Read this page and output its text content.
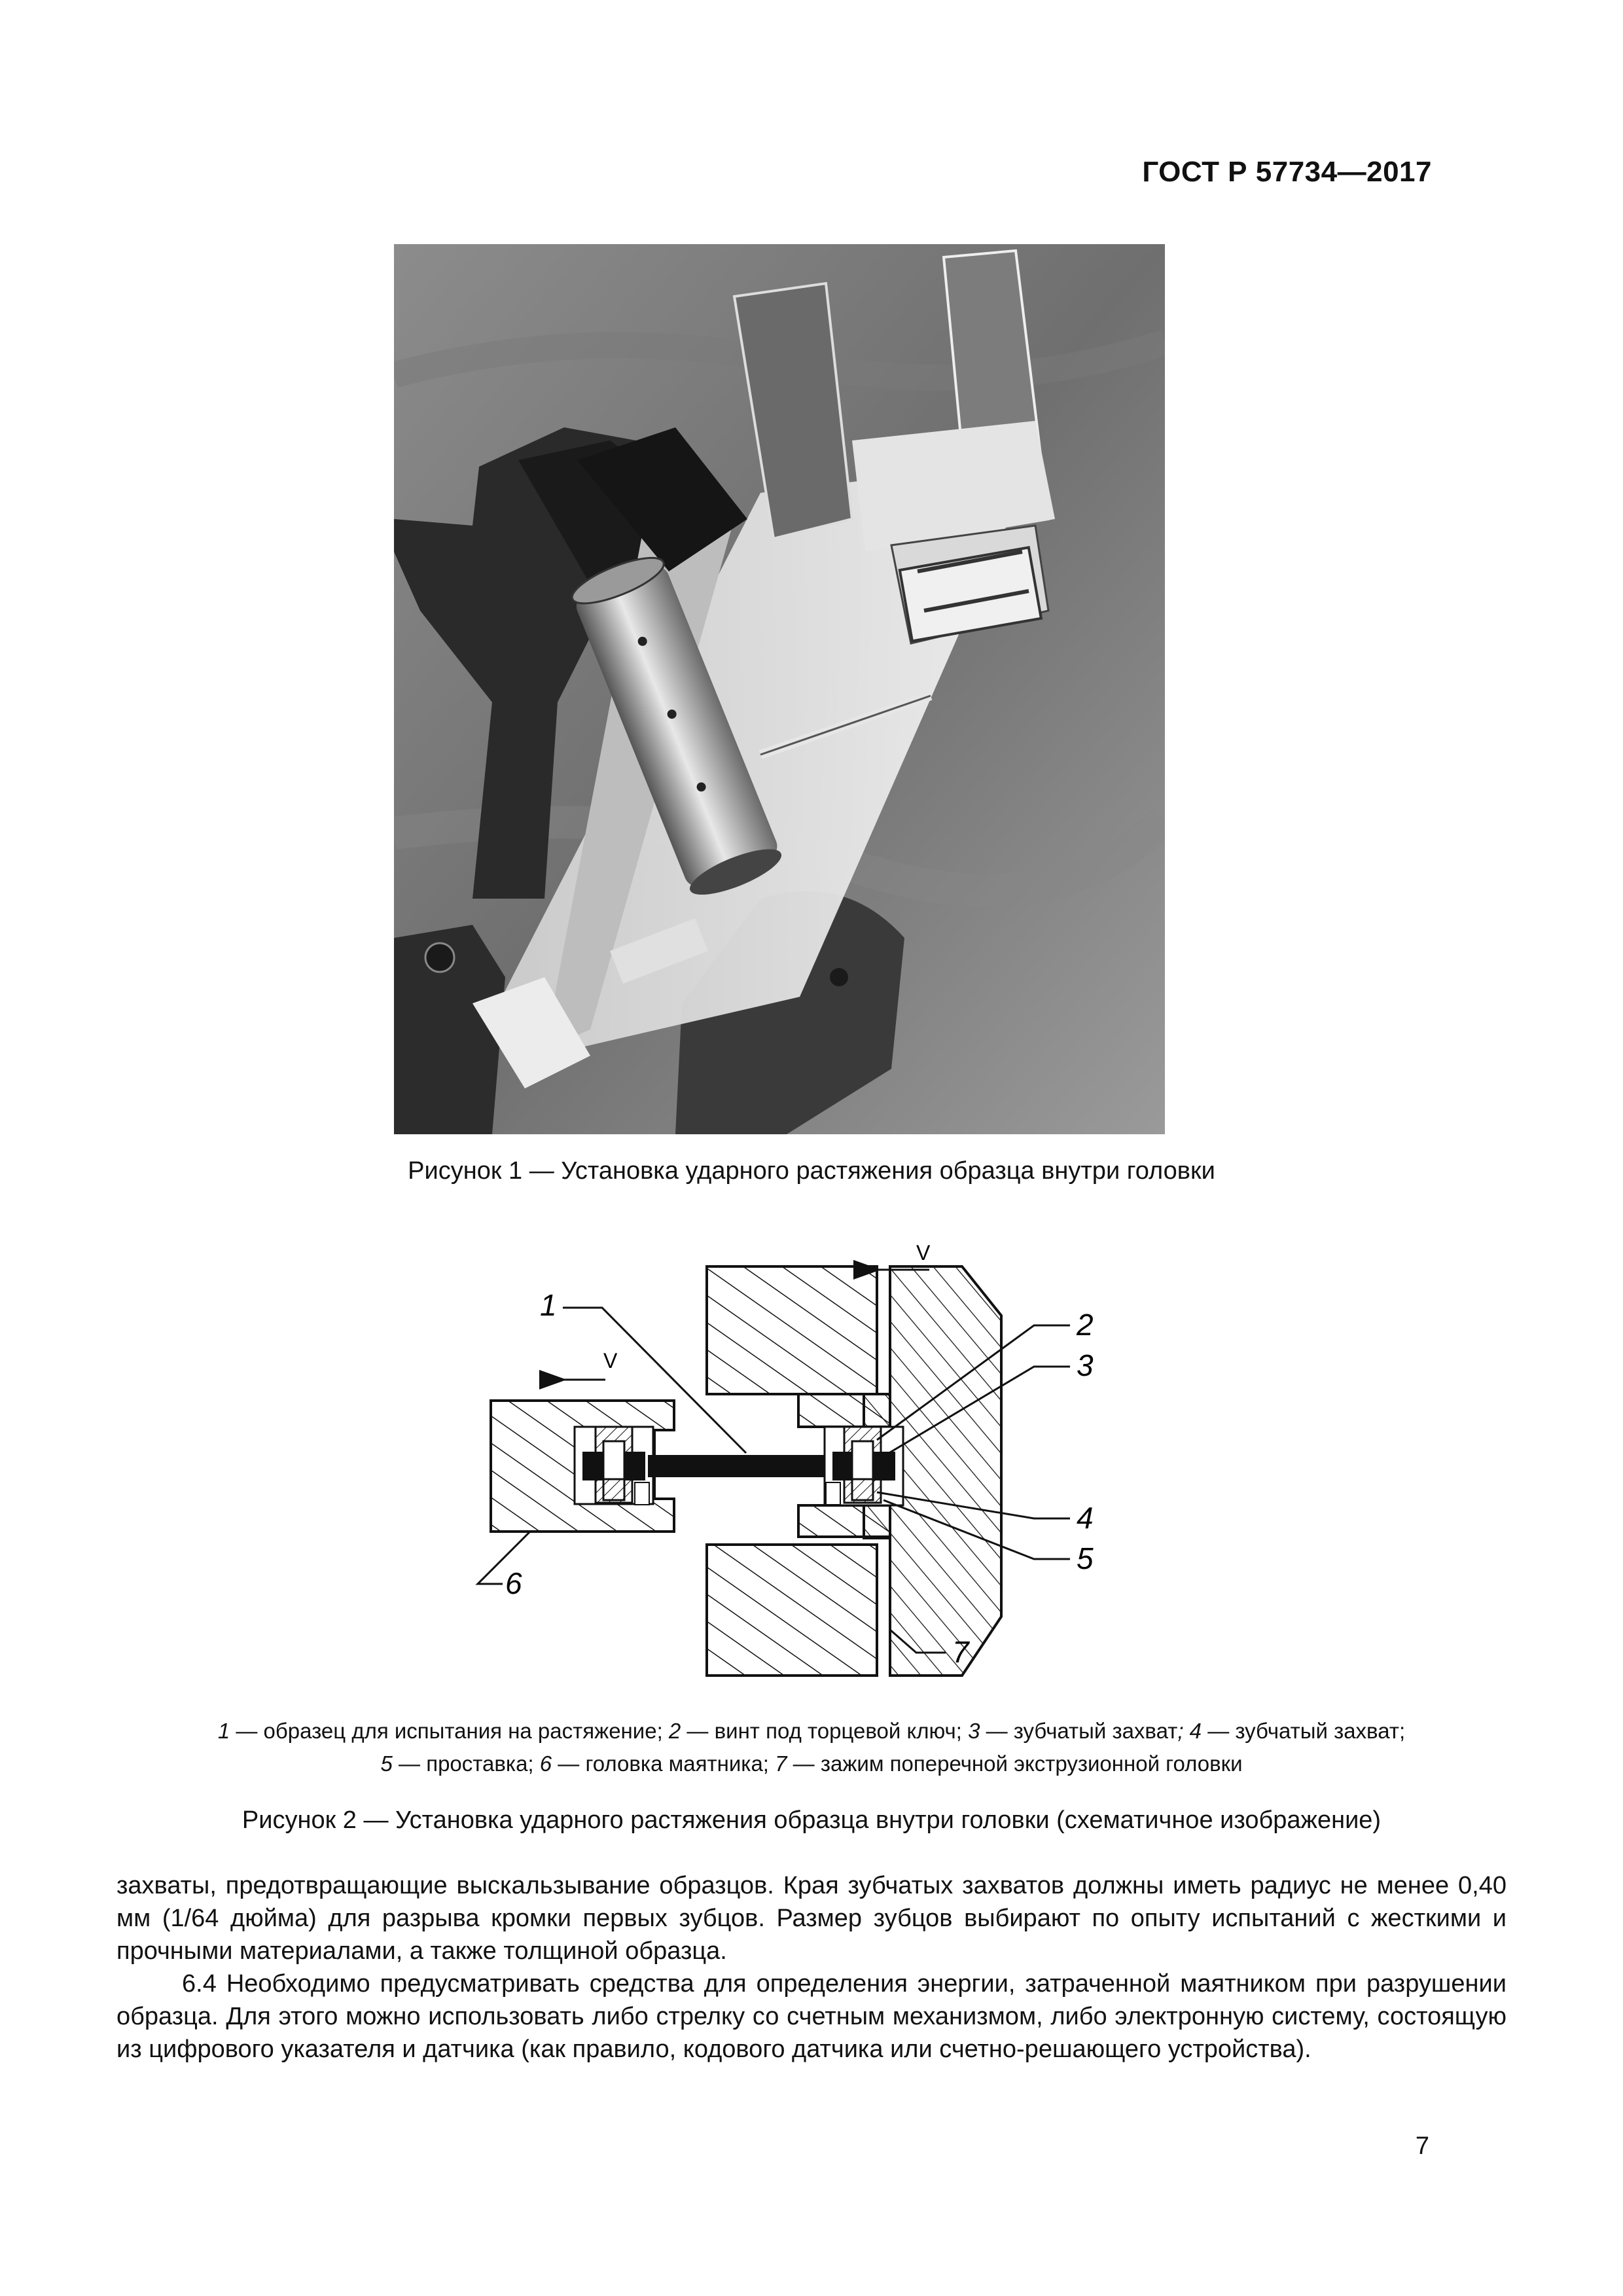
ГОСТ Р 57734—2017
Рисунок 1 — Установка ударного растяжения образца внутри головки
V
V
1
2
3
4
5
6
7
1 — образец для испытания на растяжение; 2 — винт под торцевой ключ; 3 — зубчатый захват; 4 — зубчатый захват;
5 — проставка; 6 — головка маятника; 7 — зажим поперечной экструзионной головки
Рисунок 2 — Установка ударного растяжения образца внутри головки (схематичное изображение)

захваты, предотвращающие выскальзывание образцов. Края зубчатых захватов должны иметь радиус не менее 0,40 мм (1/64 дюйма) для разрыва кромки первых зубцов. Размер зубцов выбирают по опыту испытаний с жесткими и прочными материалами, а также толщиной образца.

6.4 Необходимо предусматривать средства для определения энергии, затраченной маятником при разрушении образца. Для этого можно использовать либо стрелку со счетным механизмом, либо электронную систему, состоящую из цифрового указателя и датчика (как правило, кодового датчика или счетно-решающего устройства).

7
